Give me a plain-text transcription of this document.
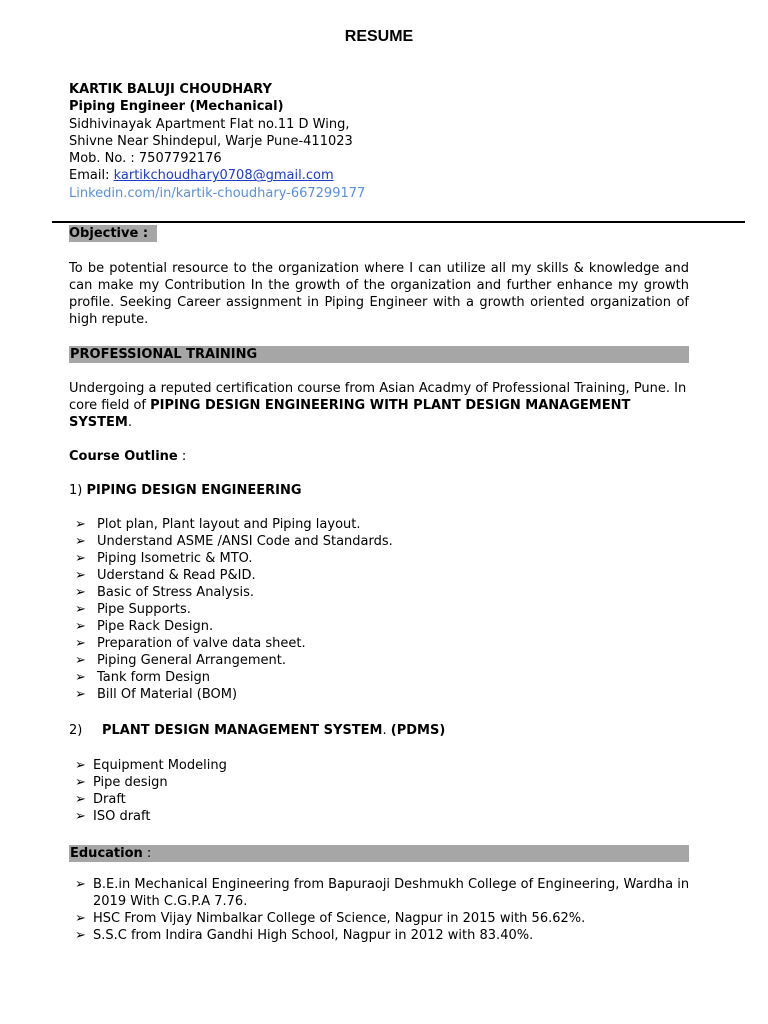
RESUME
KARTIK BALUJI CHOUDHARY
Piping Engineer (Mechanical)
Sidhivinayak Apartment Flat no.11 D Wing,
Shivne Near Shindepul, Warje Pune-411023
Mob. No. : 7507792176
Email: kartikchoudhary0708@gmail.com
Linkedin.com/in/kartik-choudhary-667299177
Objective :
To be potential resource to the organization where I can utilize all my skills & knowledge and can make my Contribution In the growth of the organization and further enhance my growth profile. Seeking Career assignment in Piping Engineer with a growth oriented organization of high repute.
PROFESSIONAL TRAINING
Undergoing a reputed certification course from Asian Acadmy of Professional Training, Pune. In core field of PIPING DESIGN ENGINEERING WITH PLANT DESIGN MANAGEMENT SYSTEM.
Course Outline :
1) PIPING DESIGN ENGINEERING
➢ Plot plan, Plant layout and Piping layout.
➢ Understand ASME /ANSI Code and Standards.
➢ Piping Isometric & MTO.
➢ Uderstand & Read P&ID.
➢ Basic of Stress Analysis.
➢ Pipe Supports.
➢ Pipe Rack Design.
➢ Preparation of valve data sheet.
➢ Piping General Arrangement.
➢ Tank form Design
➢ Bill Of Material (BOM)
2) PLANT DESIGN MANAGEMENT SYSTEM. (PDMS)
➢ Equipment Modeling
➢ Pipe design
➢ Draft
➢ ISO draft
Education :
➢ B.E.in Mechanical Engineering from Bapuraoji Deshmukh College of Engineering, Wardha in 2019 With C.G.P.A 7.76.
➢ HSC From Vijay Nimbalkar College of Science, Nagpur in 2015 with 56.62%.
➢ S.S.C from Indira Gandhi High School, Nagpur in 2012 with 83.40%.
